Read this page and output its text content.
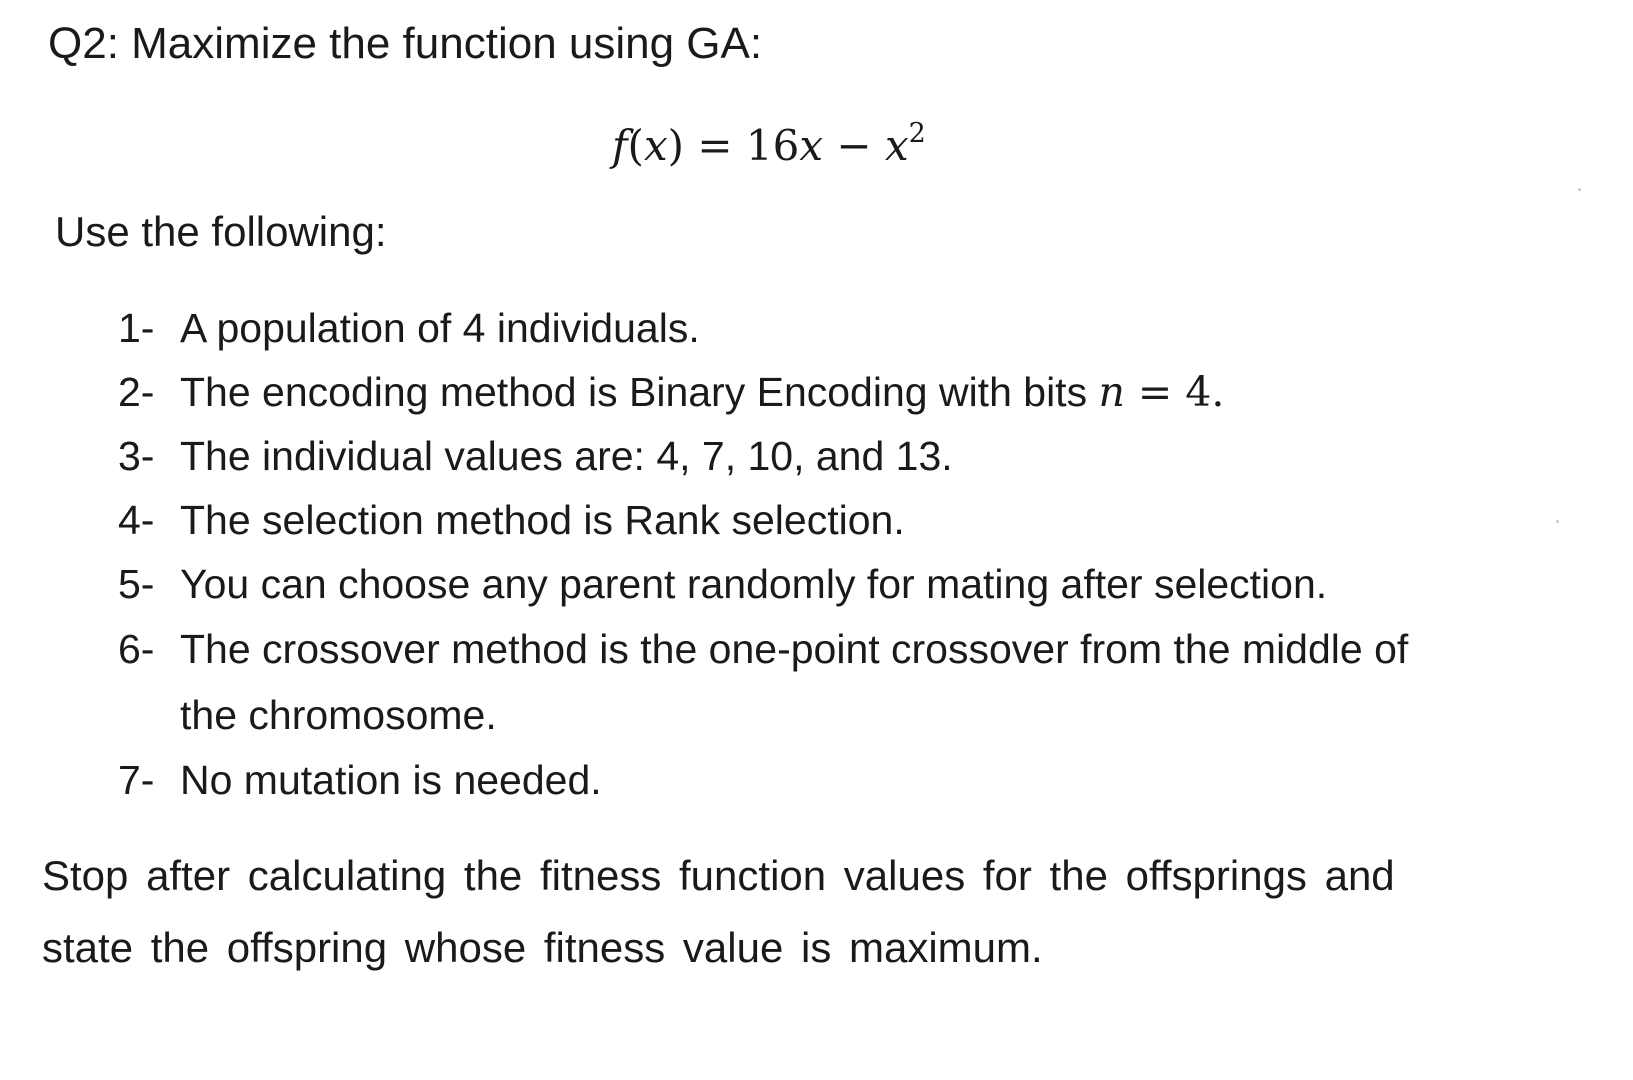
Q2: Maximize the function using GA:
$f(x) = 16x - x^2$
Use the following:
1- A population of 4 individuals.
2- The encoding method is Binary Encoding with bits n = 4.
3- The individual values are: 4, 7, 10, and 13.
4- The selection method is Rank selection.
5- You can choose any parent randomly for mating after selection.
6- The crossover method is the one-point crossover from the middle of the chromosome.
7- No mutation is needed.

Stop after calculating the fitness function values for the offsprings and state the offspring whose fitness value is maximum.
